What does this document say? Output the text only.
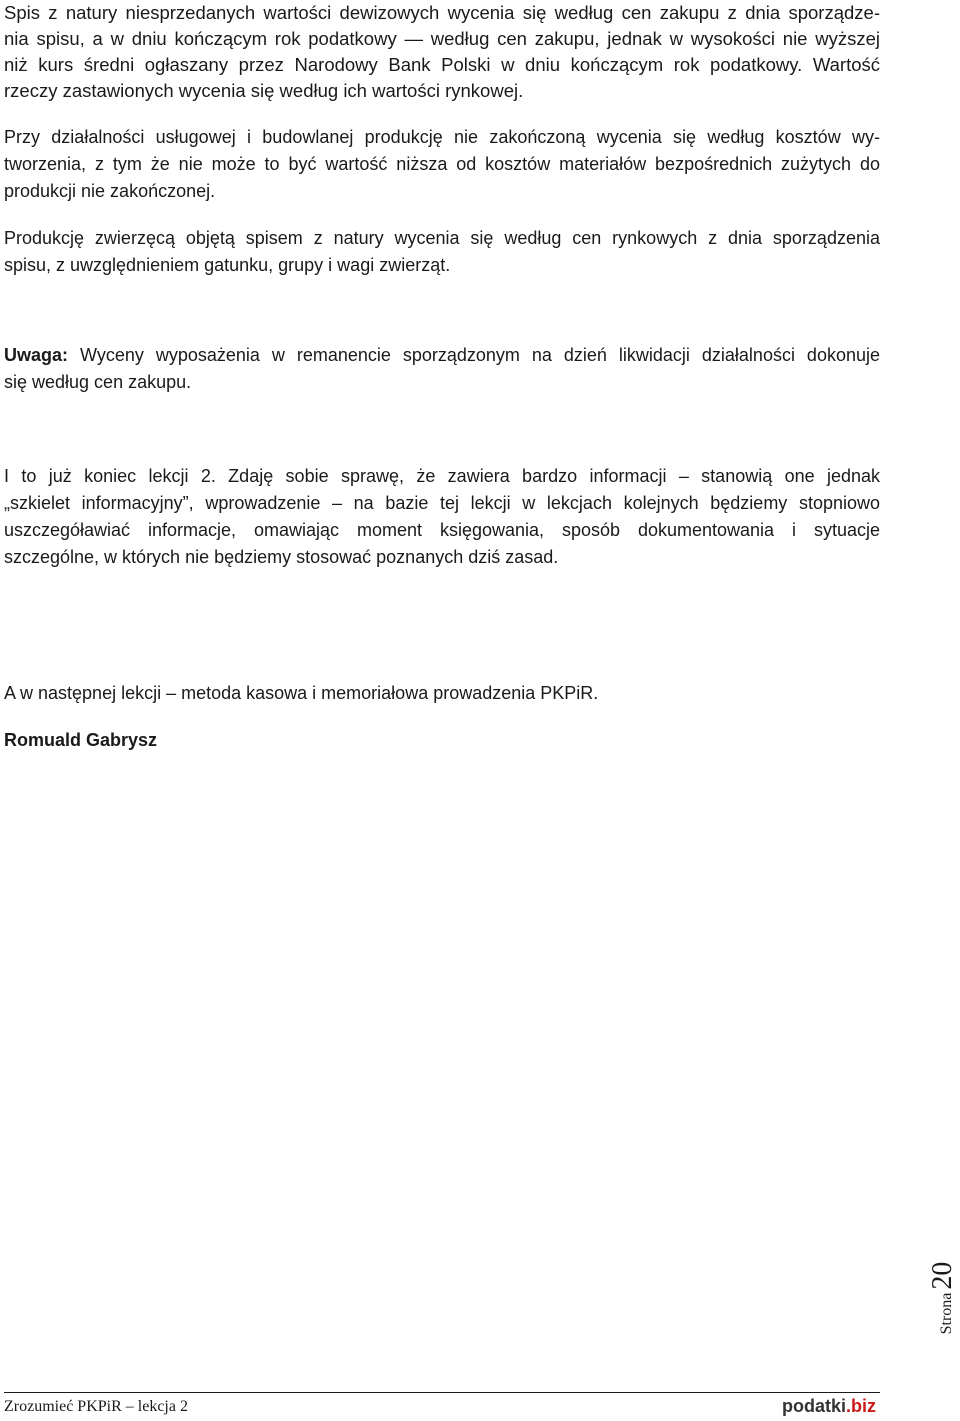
Spis z natury niesprzedanych wartości dewizowych wycenia się według cen zakupu z dnia sporządze-
nia spisu, a w dniu kończącym rok podatkowy — według cen zakupu, jednak w wysokości nie wyższej
niż kurs średni ogłaszany przez Narodowy Bank Polski w dniu kończącym rok podatkowy. Wartość
rzeczy zastawionych wycenia się według ich wartości rynkowej.
Przy działalności usługowej i budowlanej produkcję nie zakończoną wycenia się według kosztów wy-
tworzenia, z tym że nie może to być wartość niższa od kosztów materiałów bezpośrednich zużytych do
produkcji nie zakończonej.
Produkcję zwierzęcą objętą spisem z natury wycenia się według cen rynkowych z dnia sporządzenia
spisu, z uwzględnieniem gatunku, grupy i wagi zwierząt.
Uwaga: Wyceny wyposażenia w remanencie sporządzonym na dzień likwidacji działalności dokonuje
się według cen zakupu.
I to już koniec lekcji 2. Zdaję sobie sprawę, że zawiera bardzo informacji – stanowią one jednak
„szkielet informacyjny”, wprowadzenie – na bazie tej lekcji w lekcjach kolejnych będziemy stopniowo
uszczegóławiać informacje, omawiając moment księgowania, sposób dokumentowania i sytuacje
szczególne, w których nie będziemy stosować poznanych dziś zasad.
A w następnej lekcji – metoda kasowa i memoriałowa prowadzenia PKPiR.
Romuald Gabrysz
Strona20
Zrozumieć PKPiR – lekcja 2	podatki.biz
